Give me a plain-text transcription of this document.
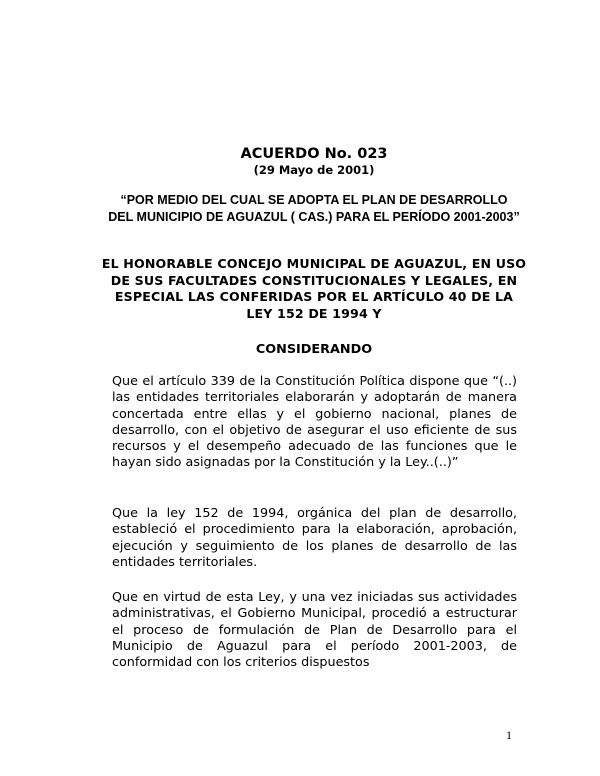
ACUERDO No. 023
(29 Mayo de 2001)
“POR MEDIO DEL CUAL SE ADOPTA EL PLAN DE DESARROLLO DEL MUNICIPIO DE AGUAZUL ( CAS.) PARA EL PERÍODO 2001-2003”
EL HONORABLE CONCEJO MUNICIPAL DE AGUAZUL, EN USO DE SUS FACULTADES CONSTITUCIONALES Y LEGALES, EN ESPECIAL LAS CONFERIDAS POR EL ARTÍCULO 40 DE LA LEY 152 DE 1994 Y
CONSIDERANDO

Que el artículo 339 de la Constitución Política dispone que “(..) las entidades territoriales elaborarán y adoptarán de manera concertada entre ellas y el gobierno nacional, planes de desarrollo, con el objetivo de asegurar el uso eficiente de sus recursos y el desempeño adecuado de las funciones que le hayan sido asignadas por la Constitución y la Ley..(..)”

Que la ley 152 de 1994, orgánica del plan de desarrollo, estableció el procedimiento para la elaboración, aprobación, ejecución y seguimiento de los planes de desarrollo de las entidades territoriales.

Que en virtud de esta Ley, y una vez iniciadas sus actividades administrativas, el Gobierno Municipal, procedió a estructurar el proceso de formulación de Plan de Desarrollo para el Municipio de Aguazul para el período 2001-2003, de conformidad con los criterios dispuestos

1
